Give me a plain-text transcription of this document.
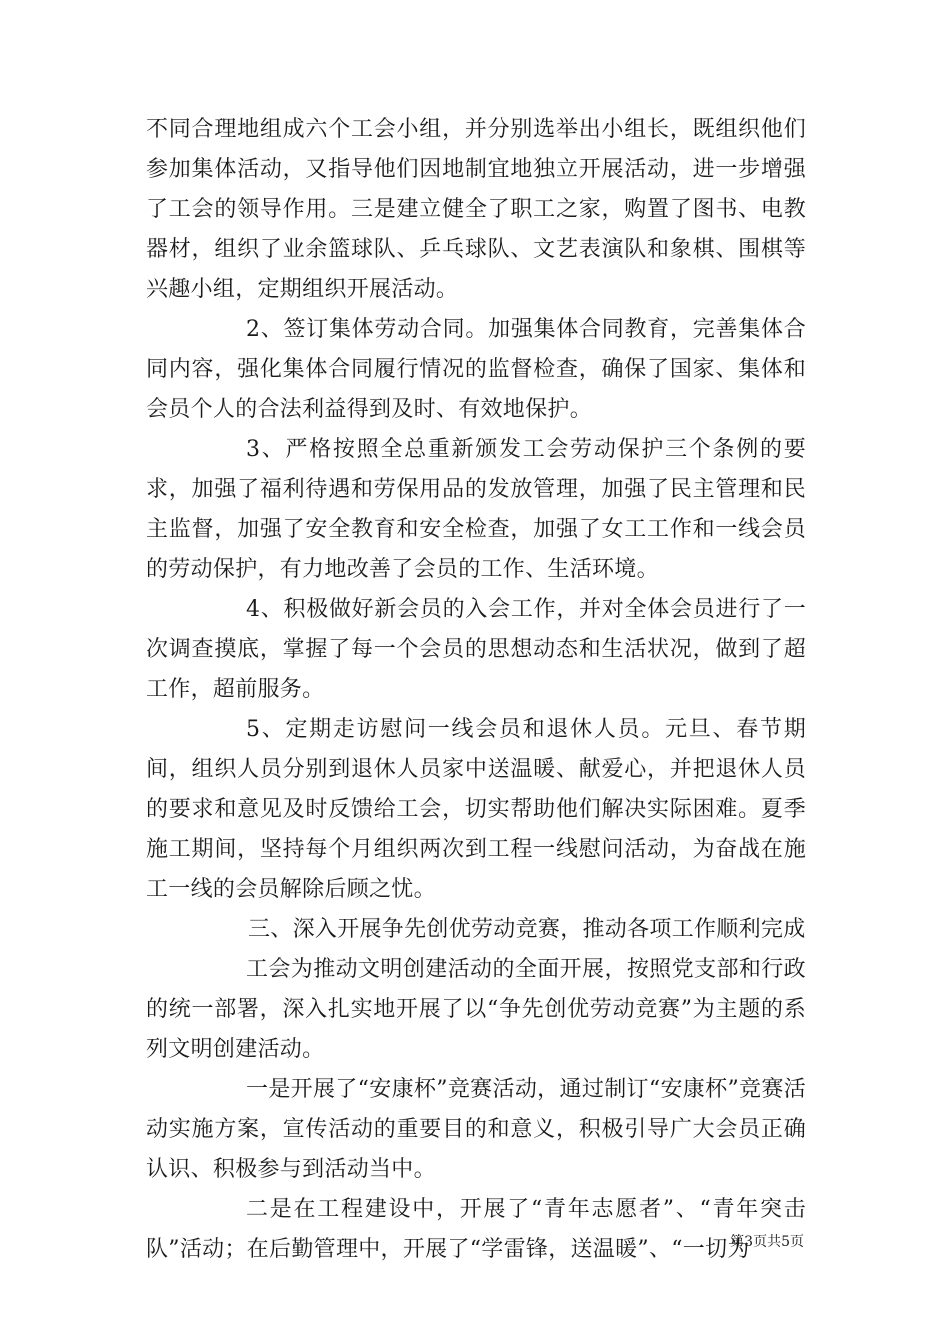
不同合理地组成六个工会小组，并分别选举出小组长，既组织他们参加集体活动，又指导他们因地制宜地独立开展活动，进一步增强了工会的领导作用。三是建立健全了职工之家，购置了图书、电教器材，组织了业余篮球队、乒乓球队、文艺表演队和象棋、围棋等兴趣小组，定期组织开展活动。

2、签订集体劳动合同。加强集体合同教育，完善集体合同内容，强化集体合同履行情况的监督检查，确保了国家、集体和会员个人的合法利益得到及时、有效地保护。

3、严格按照全总重新颁发工会劳动保护三个条例的要求，加强了福利待遇和劳保用品的发放管理，加强了民主管理和民主监督，加强了安全教育和安全检查，加强了女工工作和一线会员的劳动保护，有力地改善了会员的工作、生活环境。

4、积极做好新会员的入会工作，并对全体会员进行了一次调查摸底，掌握了每一个会员的思想动态和生活状况，做到了超工作，超前服务。

5、定期走访慰问一线会员和退休人员。元旦、春节期间，组织人员分别到退休人员家中送温暖、献爱心，并把退休人员的要求和意见及时反馈给工会，切实帮助他们解决实际困难。夏季施工期间，坚持每个月组织两次到工程一线慰问活动，为奋战在施工一线的会员解除后顾之忧。

三、深入开展争先创优劳动竞赛，推动各项工作顺利完成

工会为推动文明创建活动的全面开展，按照党支部和行政的统一部署，深入扎实地开展了以“争先创优劳动竞赛”为主题的系列文明创建活动。

一是开展了“安康杯”竞赛活动，通过制订“安康杯”竞赛活动实施方案，宣传活动的重要目的和意义，积极引导广大会员正确认识、积极参与到活动当中。

二是在工程建设中，开展了“青年志愿者”、“青年突击队”活动；在后勤管理中，开展了“学雷锋，送温暖”、“一切为

第3页共5页
